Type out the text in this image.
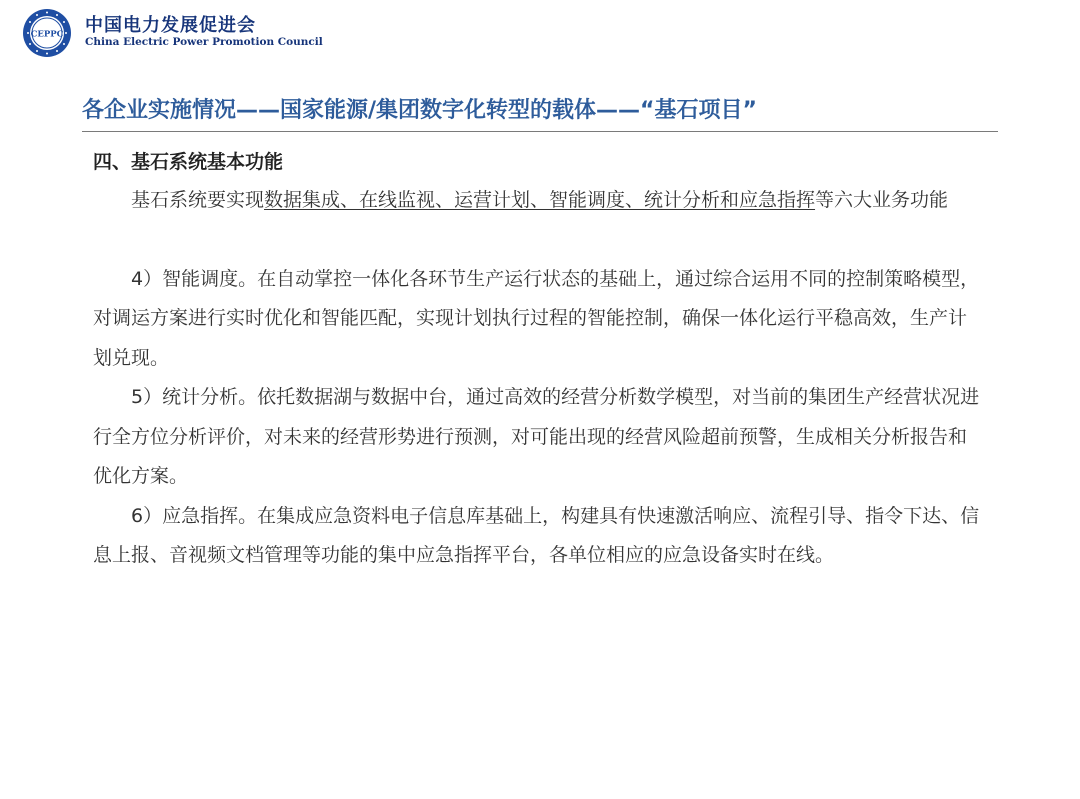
CEPPC 中国电力发展促进会
China Electric Power Promotion Council
各企业实施情况——国家能源/集团数字化转型的载体——“基石项目”

四、基石系统基本功能

基石系统要实现数据集成、在线监视、运营计划、智能调度、统计分析和应急指挥等六大业务功能

4）智能调度。在自动掌控一体化各环节生产运行状态的基础上，通过综合运用不同的控制策略模型，对调运方案进行实时优化和智能匹配，实现计划执行过程的智能控制，确保一体化运行平稳高效，生产计划兑现。

5）统计分析。依托数据湖与数据中台，通过高效的经营分析数学模型，对当前的集团生产经营状况进行全方位分析评价，对未来的经营形势进行预测，对可能出现的经营风险超前预警，生成相关分析报告和优化方案。

6）应急指挥。在集成应急资料电子信息库基础上，构建具有快速激活响应、流程引导、指令下达、信息上报、音视频文档管理等功能的集中应急指挥平台，各单位相应的应急设备实时在线。
